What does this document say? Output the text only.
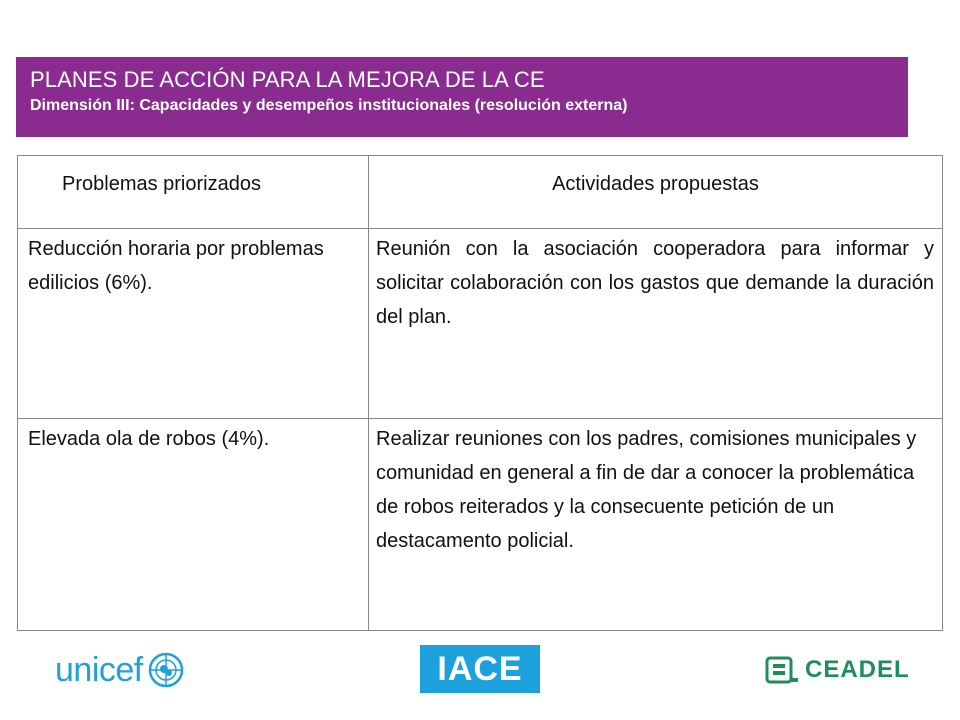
PLANES DE ACCIÓN PARA LA MEJORA DE LA CE
Dimensión III: Capacidades y desempeños institucionales (resolución externa)
Problemas priorizados	Actividades propuestas
Reducción horaria por problemas edilicios (6%).	Reunión con la asociación cooperadora para informar y solicitar colaboración con los gastos que demande la duración del plan.
Elevada ola de robos (4%).	Realizar reuniones con los padres, comisiones municipales y comunidad en general a fin de dar a conocer la problemática de robos reiterados y la consecuente petición de un destacamento policial.
unicef	IACE	CEADEL
